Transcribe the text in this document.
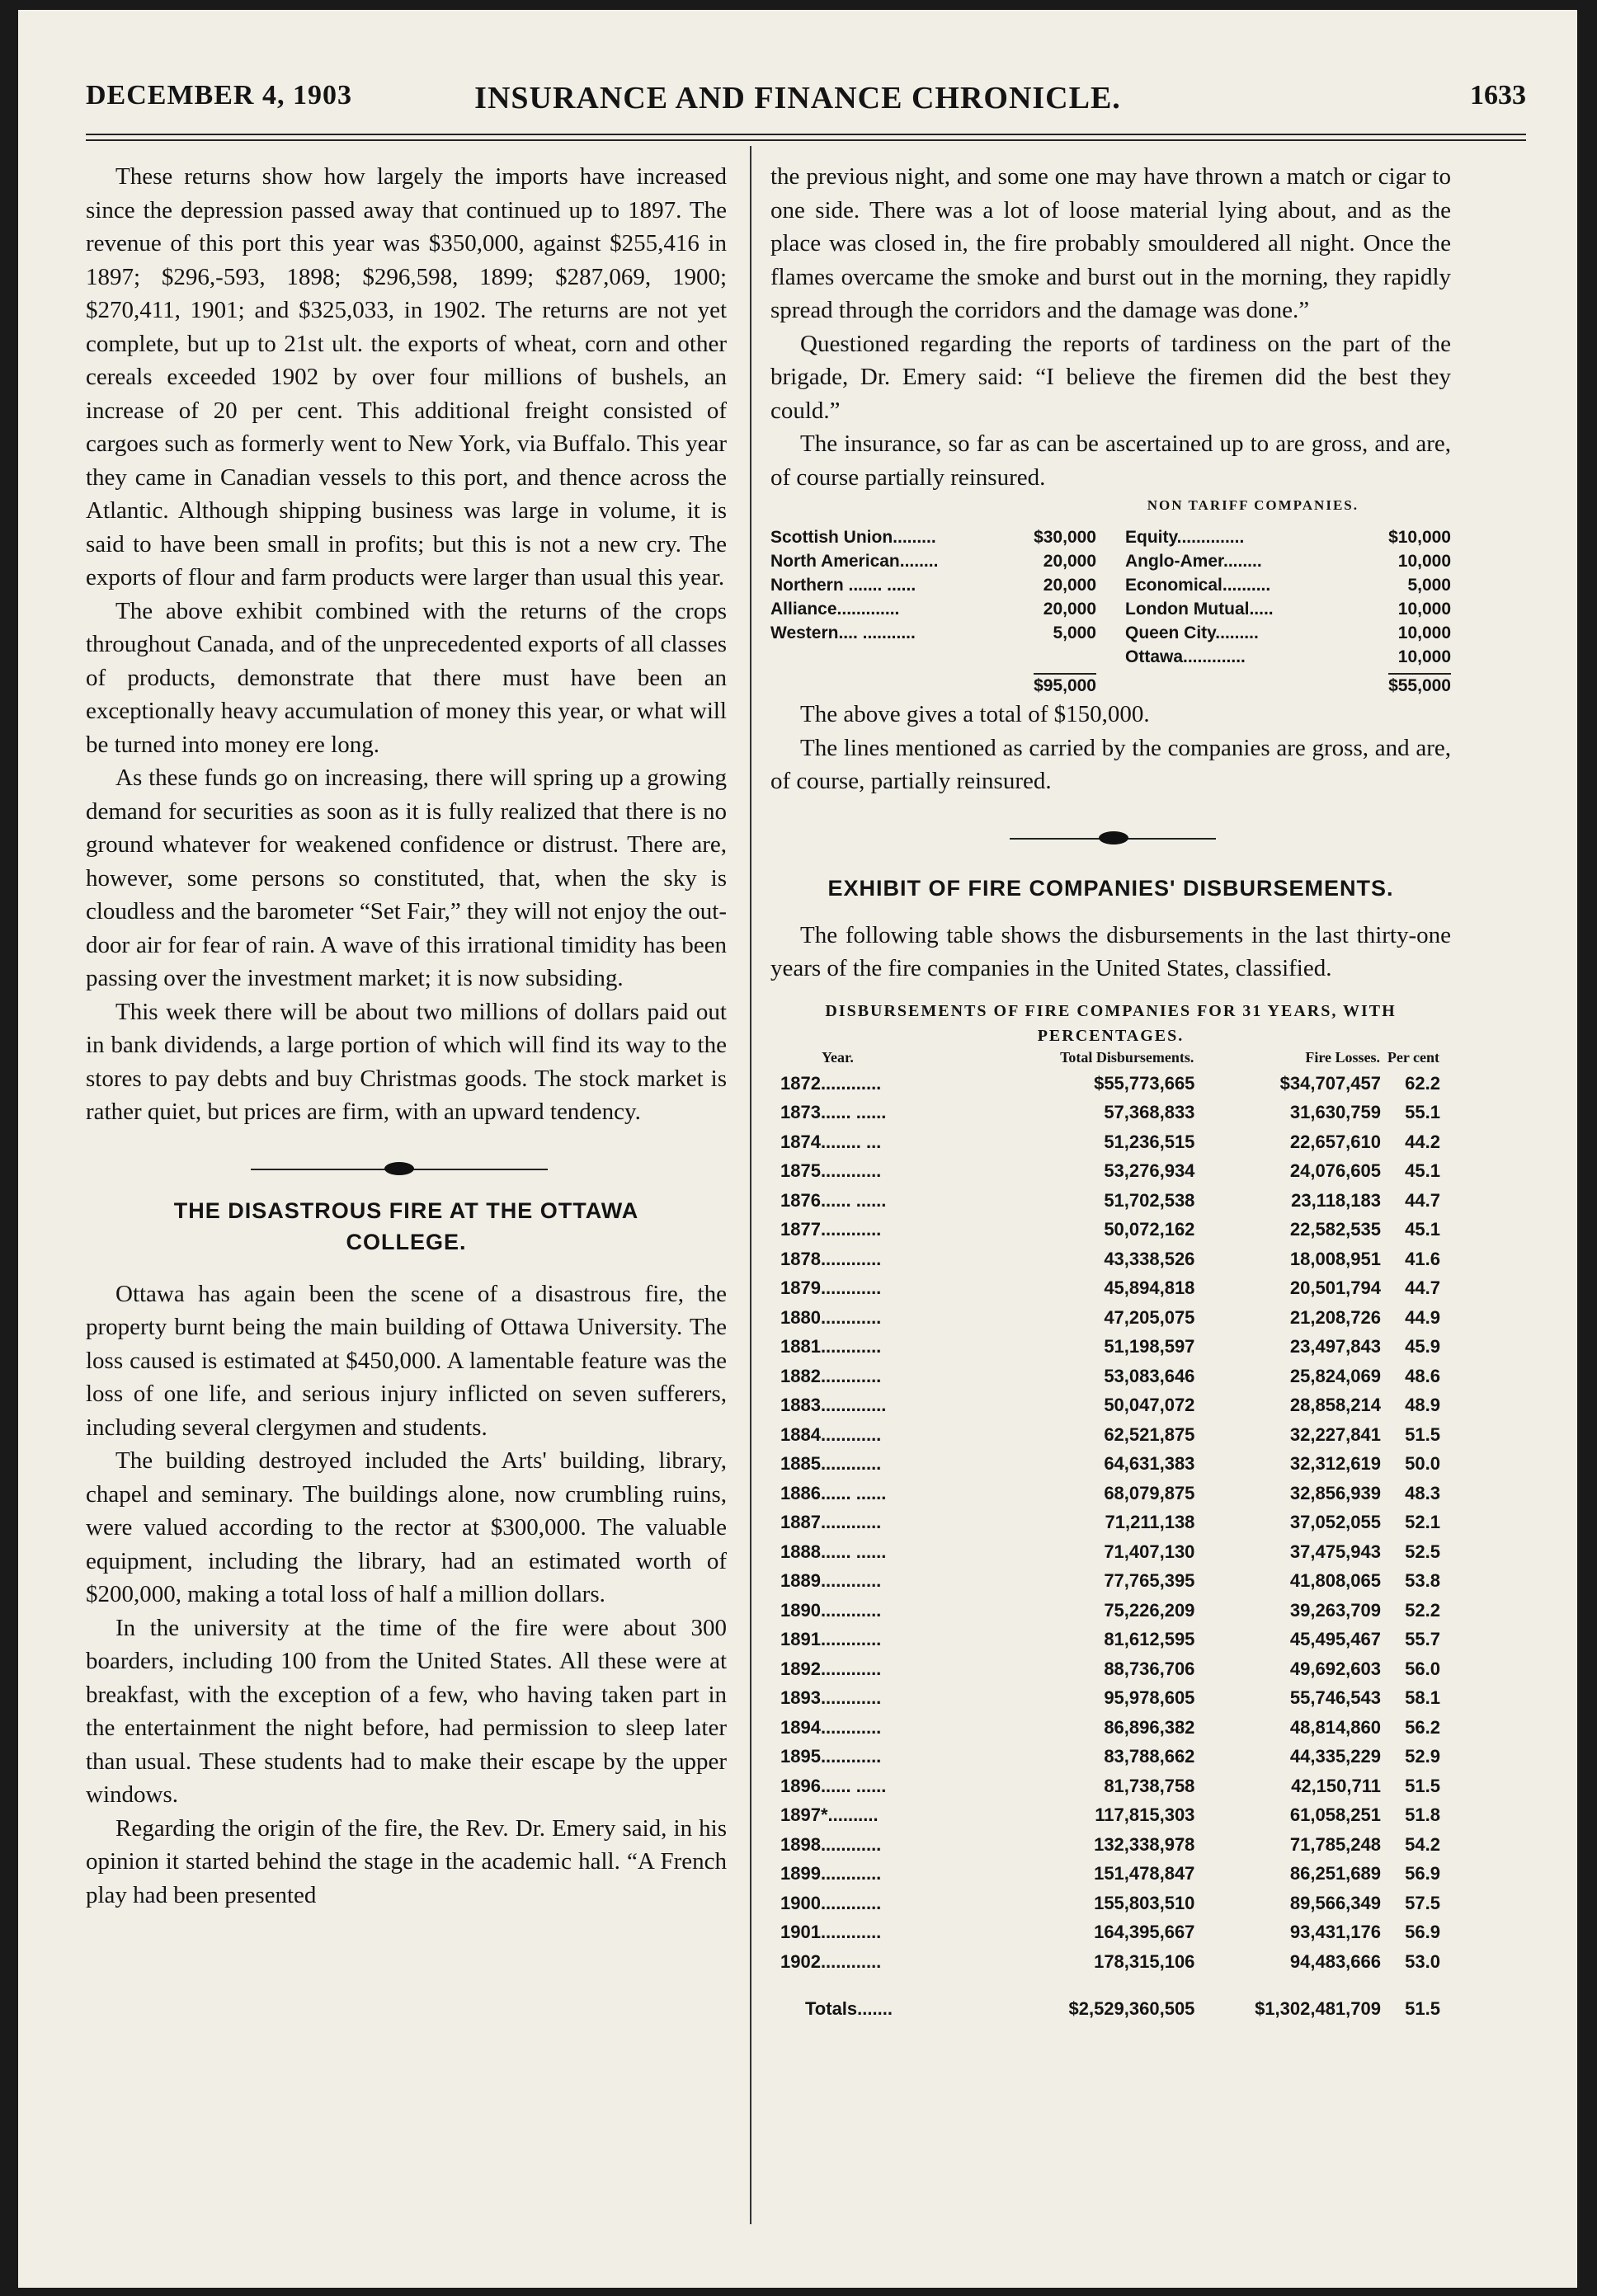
DECEMBER 4, 1903	INSURANCE AND FINANCE CHRONICLE.	1633

These returns show how largely the imports have increased since the depression passed away that continued up to 1897. The revenue of this port this year was $350,000, against $255,416 in 1897; $296,-593, 1898; $296,598, 1899; $287,069, 1900; $270,411, 1901; and $325,033, in 1902. The returns are not yet complete, but up to 21st ult. the exports of wheat, corn and other cereals exceeded 1902 by over four millions of bushels, an increase of 20 per cent. This additional freight consisted of cargoes such as formerly went to New York, via Buffalo. This year they came in Canadian vessels to this port, and thence across the Atlantic. Although shipping business was large in volume, it is said to have been small in profits; but this is not a new cry. The exports of flour and farm products were larger than usual this year.

The above exhibit combined with the returns of the crops throughout Canada, and of the unprecedented exports of all classes of products, demonstrate that there must have been an exceptionally heavy accumulation of money this year, or what will be turned into money ere long.

As these funds go on increasing, there will spring up a growing demand for securities as soon as it is fully realized that there is no ground whatever for weakened confidence or distrust. There are, however, some persons so constituted, that, when the sky is cloudless and the barometer “Set Fair,” they will not enjoy the out-door air for fear of rain. A wave of this irrational timidity has been passing over the investment market; it is now subsiding.

This week there will be about two millions of dollars paid out in bank dividends, a large portion of which will find its way to the stores to pay debts and buy Christmas goods. The stock market is rather quiet, but prices are firm, with an upward tendency.

THE DISASTROUS FIRE AT THE OTTAWA COLLEGE.

Ottawa has again been the scene of a disastrous fire, the property burnt being the main building of Ottawa University. The loss caused is estimated at $450,000. A lamentable feature was the loss of one life, and serious injury inflicted on seven sufferers, including several clergymen and students.

The building destroyed included the Arts' building, library, chapel and seminary. The buildings alone, now crumbling ruins, were valued according to the rector at $300,000. The valuable equipment, including the library, had an estimated worth of $200,000, making a total loss of half a million dollars.

In the university at the time of the fire were about 300 boarders, including 100 from the United States. All these were at breakfast, with the exception of a few, who having taken part in the entertainment the night before, had permission to sleep later than usual. These students had to make their escape by the upper windows.

Regarding the origin of the fire, the Rev. Dr. Emery said, in his opinion it started behind the stage in the academic hall. “A French play had been presented

the previous night, and some one may have thrown a match or cigar to one side. There was a lot of loose material lying about, and as the place was closed in, the fire probably smouldered all night. Once the flames overcame the smoke and burst out in the morning, they rapidly spread through the corridors and the damage was done.”

Questioned regarding the reports of tardiness on the part of the brigade, Dr. Emery said: “I believe the firemen did the best they could.”

The insurance, so far as can be ascertained up to are gross, and are, of course partially reinsured.

NON TARIFF COMPANIES.
Scottish Union.........	$30,000
North American........	20,000
Northern ....... ......	20,000
Alliance.............	20,000
Western.... ...........	5,000
Equity..............	$10,000
Anglo-Amer........	10,000
Economical..........	5,000
London Mutual.....	10,000
Queen City.........	10,000
Ottawa.............	10,000
$95,000	$55,000

The above gives a total of $150,000.

The lines mentioned as carried by the companies are gross, and are, of course, partially reinsured.

EXHIBIT OF FIRE COMPANIES' DISBURSEMENTS.

The following table shows the disbursements in the last thirty-one years of the fire companies in the United States, classified.

DISBURSEMENTS OF FIRE COMPANIES FOR 31 YEARS, WITH
PERCENTAGES.
Year.	Total Disbursements.	Fire Losses.	Per cent
1872............	$55,773,665	$34,707,457	62.2
1873...... ......	57,368,833	31,630,759	55.1
1874........ ...	51,236,515	22,657,610	44.2
1875............	53,276,934	24,076,605	45.1
1876...... ......	51,702,538	23,118,183	44.7
1877............	50,072,162	22,582,535	45.1
1878............	43,338,526	18,008,951	41.6
1879............	45,894,818	20,501,794	44.7
1880............	47,205,075	21,208,726	44.9
1881............	51,198,597	23,497,843	45.9
1882............	53,083,646	25,824,069	48.6
1883.............	50,047,072	28,858,214	48.9
1884............	62,521,875	32,227,841	51.5
1885............	64,631,383	32,312,619	50.0
1886...... ......	68,079,875	32,856,939	48.3
1887............	71,211,138	37,052,055	52.1
1888...... ......	71,407,130	37,475,943	52.5
1889............	77,765,395	41,808,065	53.8
1890............	75,226,209	39,263,709	52.2
1891............	81,612,595	45,495,467	55.7
1892............	88,736,706	49,692,603	56.0
1893............	95,978,605	55,746,543	58.1
1894............	86,896,382	48,814,860	56.2
1895............	83,788,662	44,335,229	52.9
1896...... ......	81,738,758	42,150,711	51.5
1897*..........	117,815,303	61,058,251	51.8
1898............	132,338,978	71,785,248	54.2
1899............	151,478,847	86,251,689	56.9
1900............	155,803,510	89,566,349	57.5
1901............	164,395,667	93,431,176	56.9
1902............	178,315,106	94,483,666	53.0
Totals.......	$2,529,360,505	$1,302,481,709	51.5
